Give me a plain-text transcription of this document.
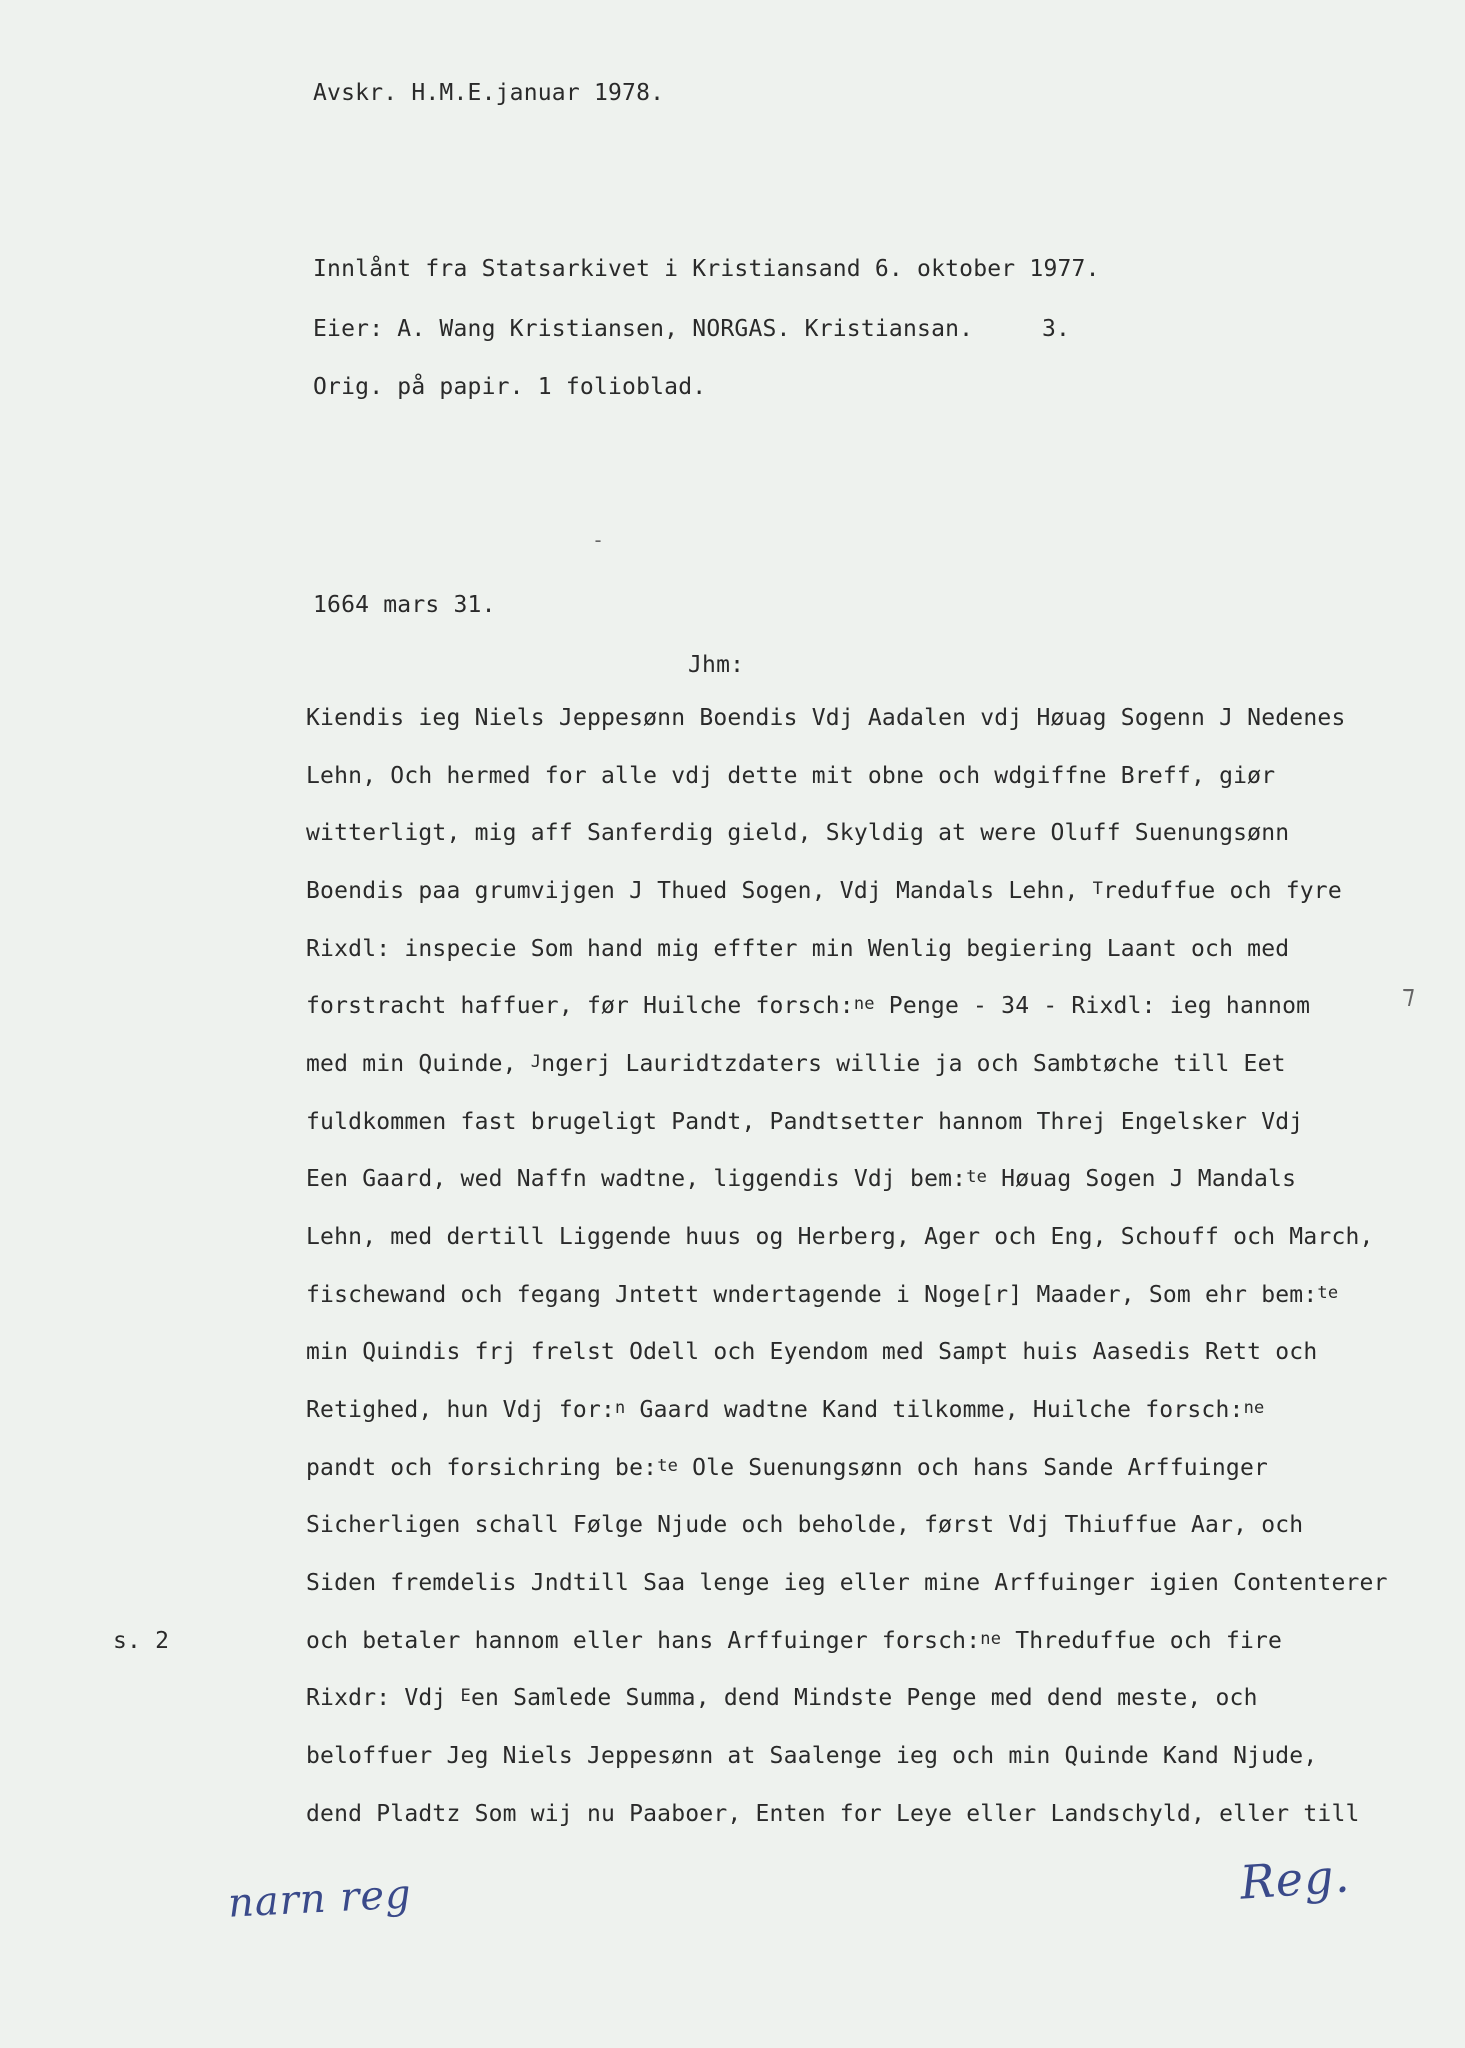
Avskr. H.M.E.januar 1978.
Innlånt fra Statsarkivet i Kristiansand 6. oktober 1977.
Eier: A. Wang Kristiansen, NORGAS. Kristiansan.	3.
Orig. på papir. 1 folioblad.
‑
1664 mars 31.
Jhm:
Kiendis ieg Niels Jeppesønn Boendis Vdj Aadalen vdj Høuag Sogenn J Nedenes
Lehn, Och hermed for alle vdj dette mit obne och wdgiffne Breff, giør
witterligt, mig aff Sanferdig gield, Skyldig at were Oluff Suenungsønn
Boendis paa grumvijgen J Thued Sogen, Vdj Mandals Lehn, $^T$reduffue och fyre
Rixdl: inspecie Som hand mig effter min Wenlig begiering Laant och med
forstracht haffuer, før Huilche forsch:$^{ne}$ Penge - 34 - Rixdl: ieg hannom
med min Quinde, $^J$ngerj Lauridtzdaters willie ja och Sambtøche till Eet
fuldkommen fast brugeligt Pandt, Pandtsetter hannom Threj Engelsker Vdj
Een Gaard, wed Naffn wadtne, liggendis Vdj bem:$^{te}$ Høuag Sogen J Mandals
Lehn, med dertill Liggende huus og Herberg, Ager och Eng, Schouff och March,
fischewand och fegang Jntett wndertagende i Noge[r] Maader, Som ehr bem:$^{te}$
min Quindis frj frelst Odell och Eyendom med Sampt huis Aasedis Rett och
Retighed, hun Vdj for:$^n$ Gaard wadtne Kand tilkomme, Huilche forsch:$^{ne}$
pandt och forsichring be:$^{te}$ Ole Suenungsønn och hans Sande Arffuinger
Sicherligen schall Følge Njude och beholde, først Vdj Thiuffue Aar, och
Siden fremdelis Jndtill Saa lenge ieg eller mine Arffuinger igien Contenterer
och betaler hannom eller hans Arffuinger forsch:$^{ne}$ Threduffue och fire
Rixdr: Vdj $^E$en Samlede Summa, dend Mindste Penge med dend meste, och
beloffuer Jeg Niels Jeppesønn at Saalenge ieg och min Quinde Kand Njude,
dend Pladtz Som wij nu Paaboer, Enten for Leye eller Landschyld, eller till
s. 2
narn reg	Reg.
⁊
